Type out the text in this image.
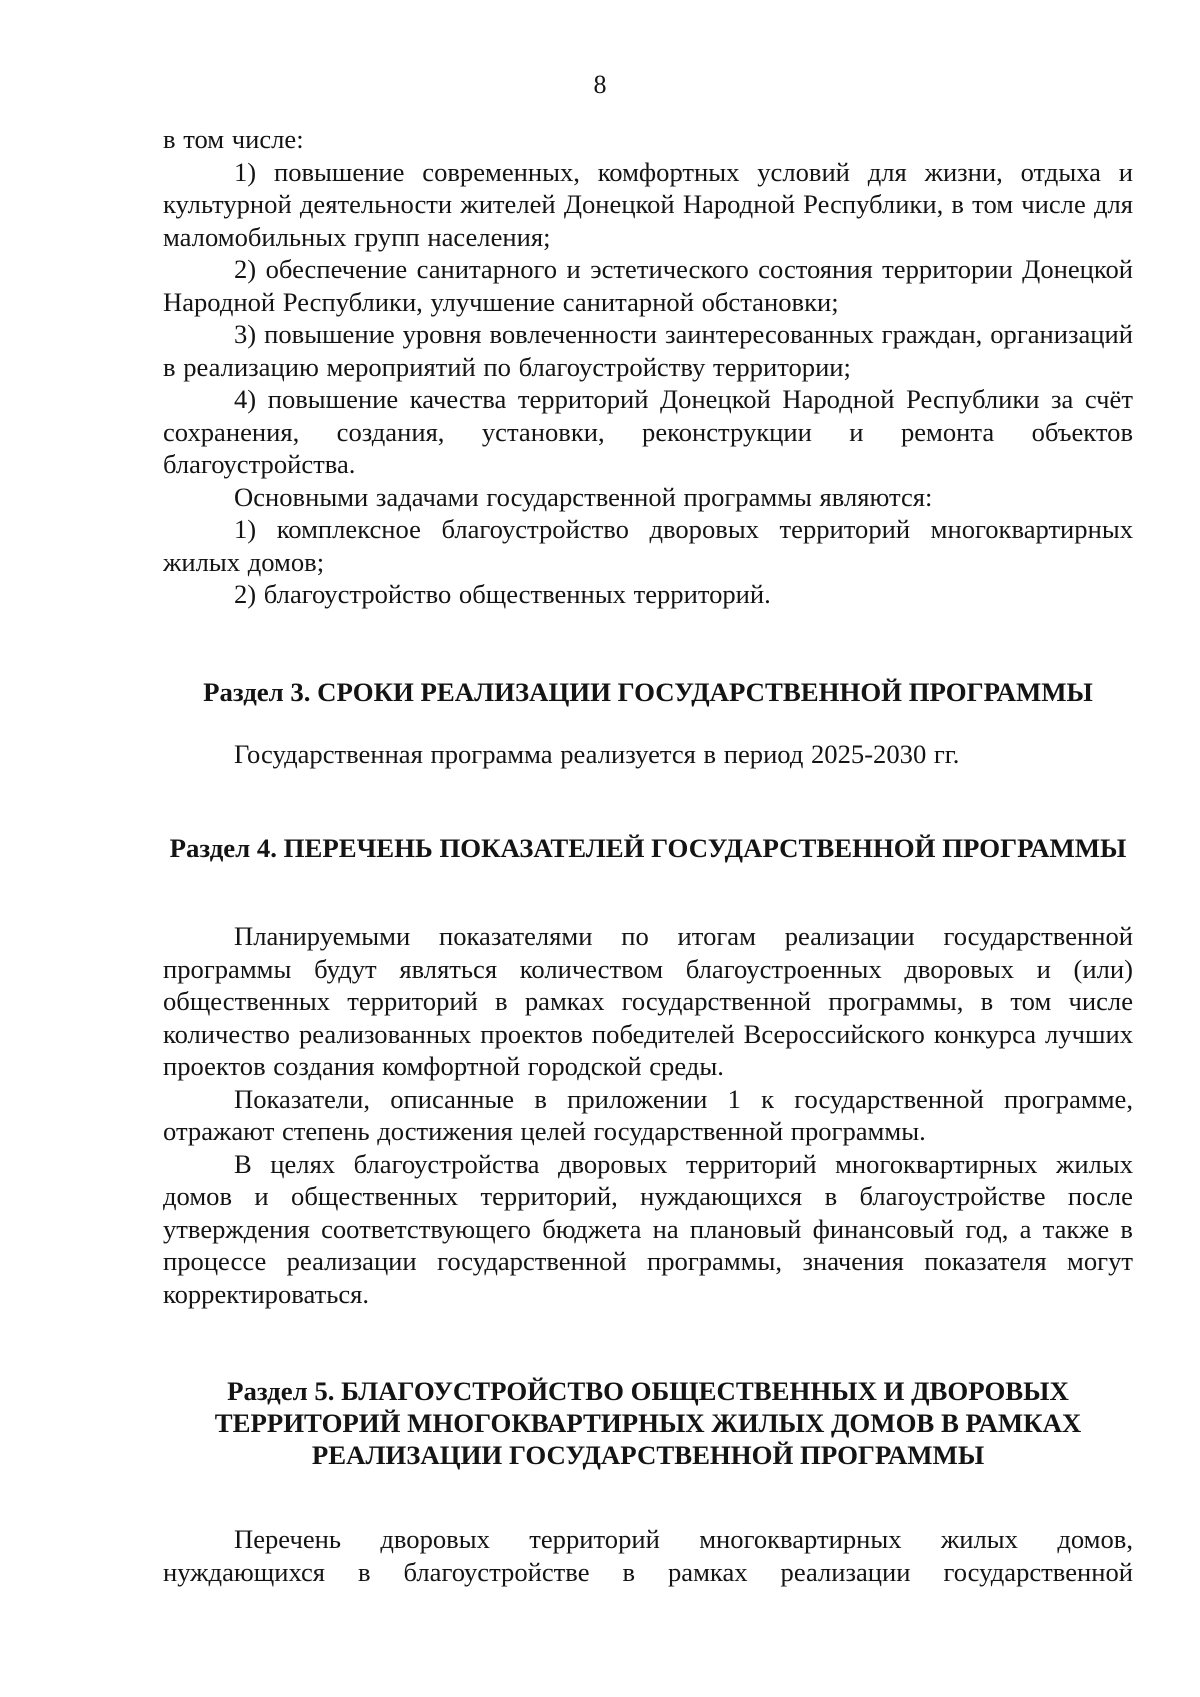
8

в том числе:

1) повышение современных, комфортных условий для жизни, отдыха и культурной деятельности жителей Донецкой Народной Республики, в том числе для маломобильных групп населения;

2) обеспечение санитарного и эстетического состояния территории Донецкой Народной Республики, улучшение санитарной обстановки;

3) повышение уровня вовлеченности заинтересованных граждан, организаций в реализацию мероприятий по благоустройству территории;

4) повышение качества территорий Донецкой Народной Республики за счёт сохранения, создания, установки, реконструкции и ремонта объектов благоустройства.

Основными задачами государственной программы являются:

1) комплексное благоустройство дворовых территорий многоквартирных жилых домов;

2) благоустройство общественных территорий.

Раздел 3. СРОКИ РЕАЛИЗАЦИИ ГОСУДАРСТВЕННОЙ ПРОГРАММЫ

Государственная программа реализуется в период 2025-2030 гг.

Раздел 4. ПЕРЕЧЕНЬ ПОКАЗАТЕЛЕЙ ГОСУДАРСТВЕННОЙ ПРОГРАММЫ

Планируемыми показателями по итогам реализации государственной программы будут являться количеством благоустроенных дворовых и (или) общественных территорий в рамках государственной программы, в том числе количество реализованных проектов победителей Всероссийского конкурса лучших проектов создания комфортной городской среды.

Показатели, описанные в приложении 1 к государственной программе, отражают степень достижения целей государственной программы.

В целях благоустройства дворовых территорий многоквартирных жилых домов и общественных территорий, нуждающихся в благоустройстве после утверждения соответствующего бюджета на плановый финансовый год, а также в процессе реализации государственной программы, значения показателя могут корректироваться.

Раздел 5. БЛАГОУСТРОЙСТВО ОБЩЕСТВЕННЫХ И ДВОРОВЫХ
ТЕРРИТОРИЙ МНОГОКВАРТИРНЫХ ЖИЛЫХ ДОМОВ В РАМКАХ
РЕАЛИЗАЦИИ ГОСУДАРСТВЕННОЙ ПРОГРАММЫ

Перечень дворовых территорий многоквартирных жилых домов, нуждающихся в благоустройстве в рамках реализации государственной
